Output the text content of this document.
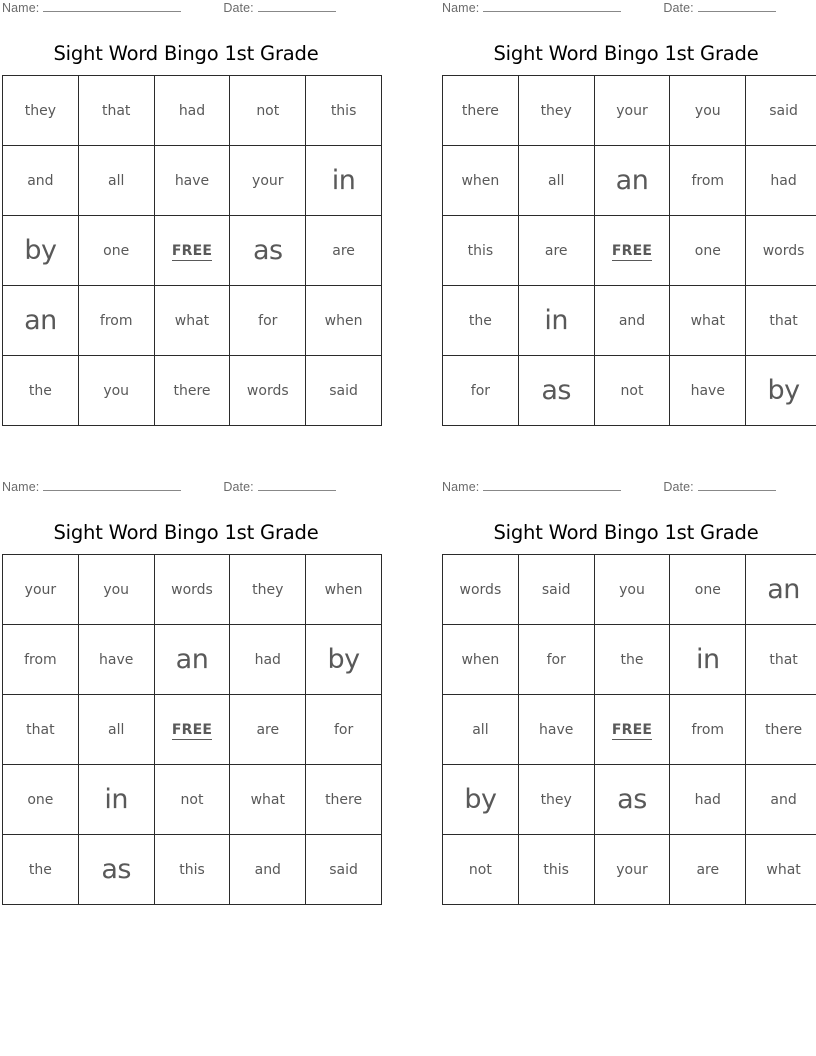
Name:	Date:
Sight Word Bingo 1st Grade
they	that	had	not	this
and	all	have	your	in
by	one	FREE	as	are
an	from	what	for	when
the	you	there	words	said
Name:	Date:
Sight Word Bingo 1st Grade
there	they	your	you	said
when	all	an	from	had
this	are	FREE	one	words
the	in	and	what	that
for	as	not	have	by
Name:	Date:
Sight Word Bingo 1st Grade
your	you	words	they	when
from	have	an	had	by
that	all	FREE	are	for
one	in	not	what	there
the	as	this	and	said
Name:	Date:
Sight Word Bingo 1st Grade
words	said	you	one	an
when	for	the	in	that
all	have	FREE	from	there
by	they	as	had	and
not	this	your	are	what
